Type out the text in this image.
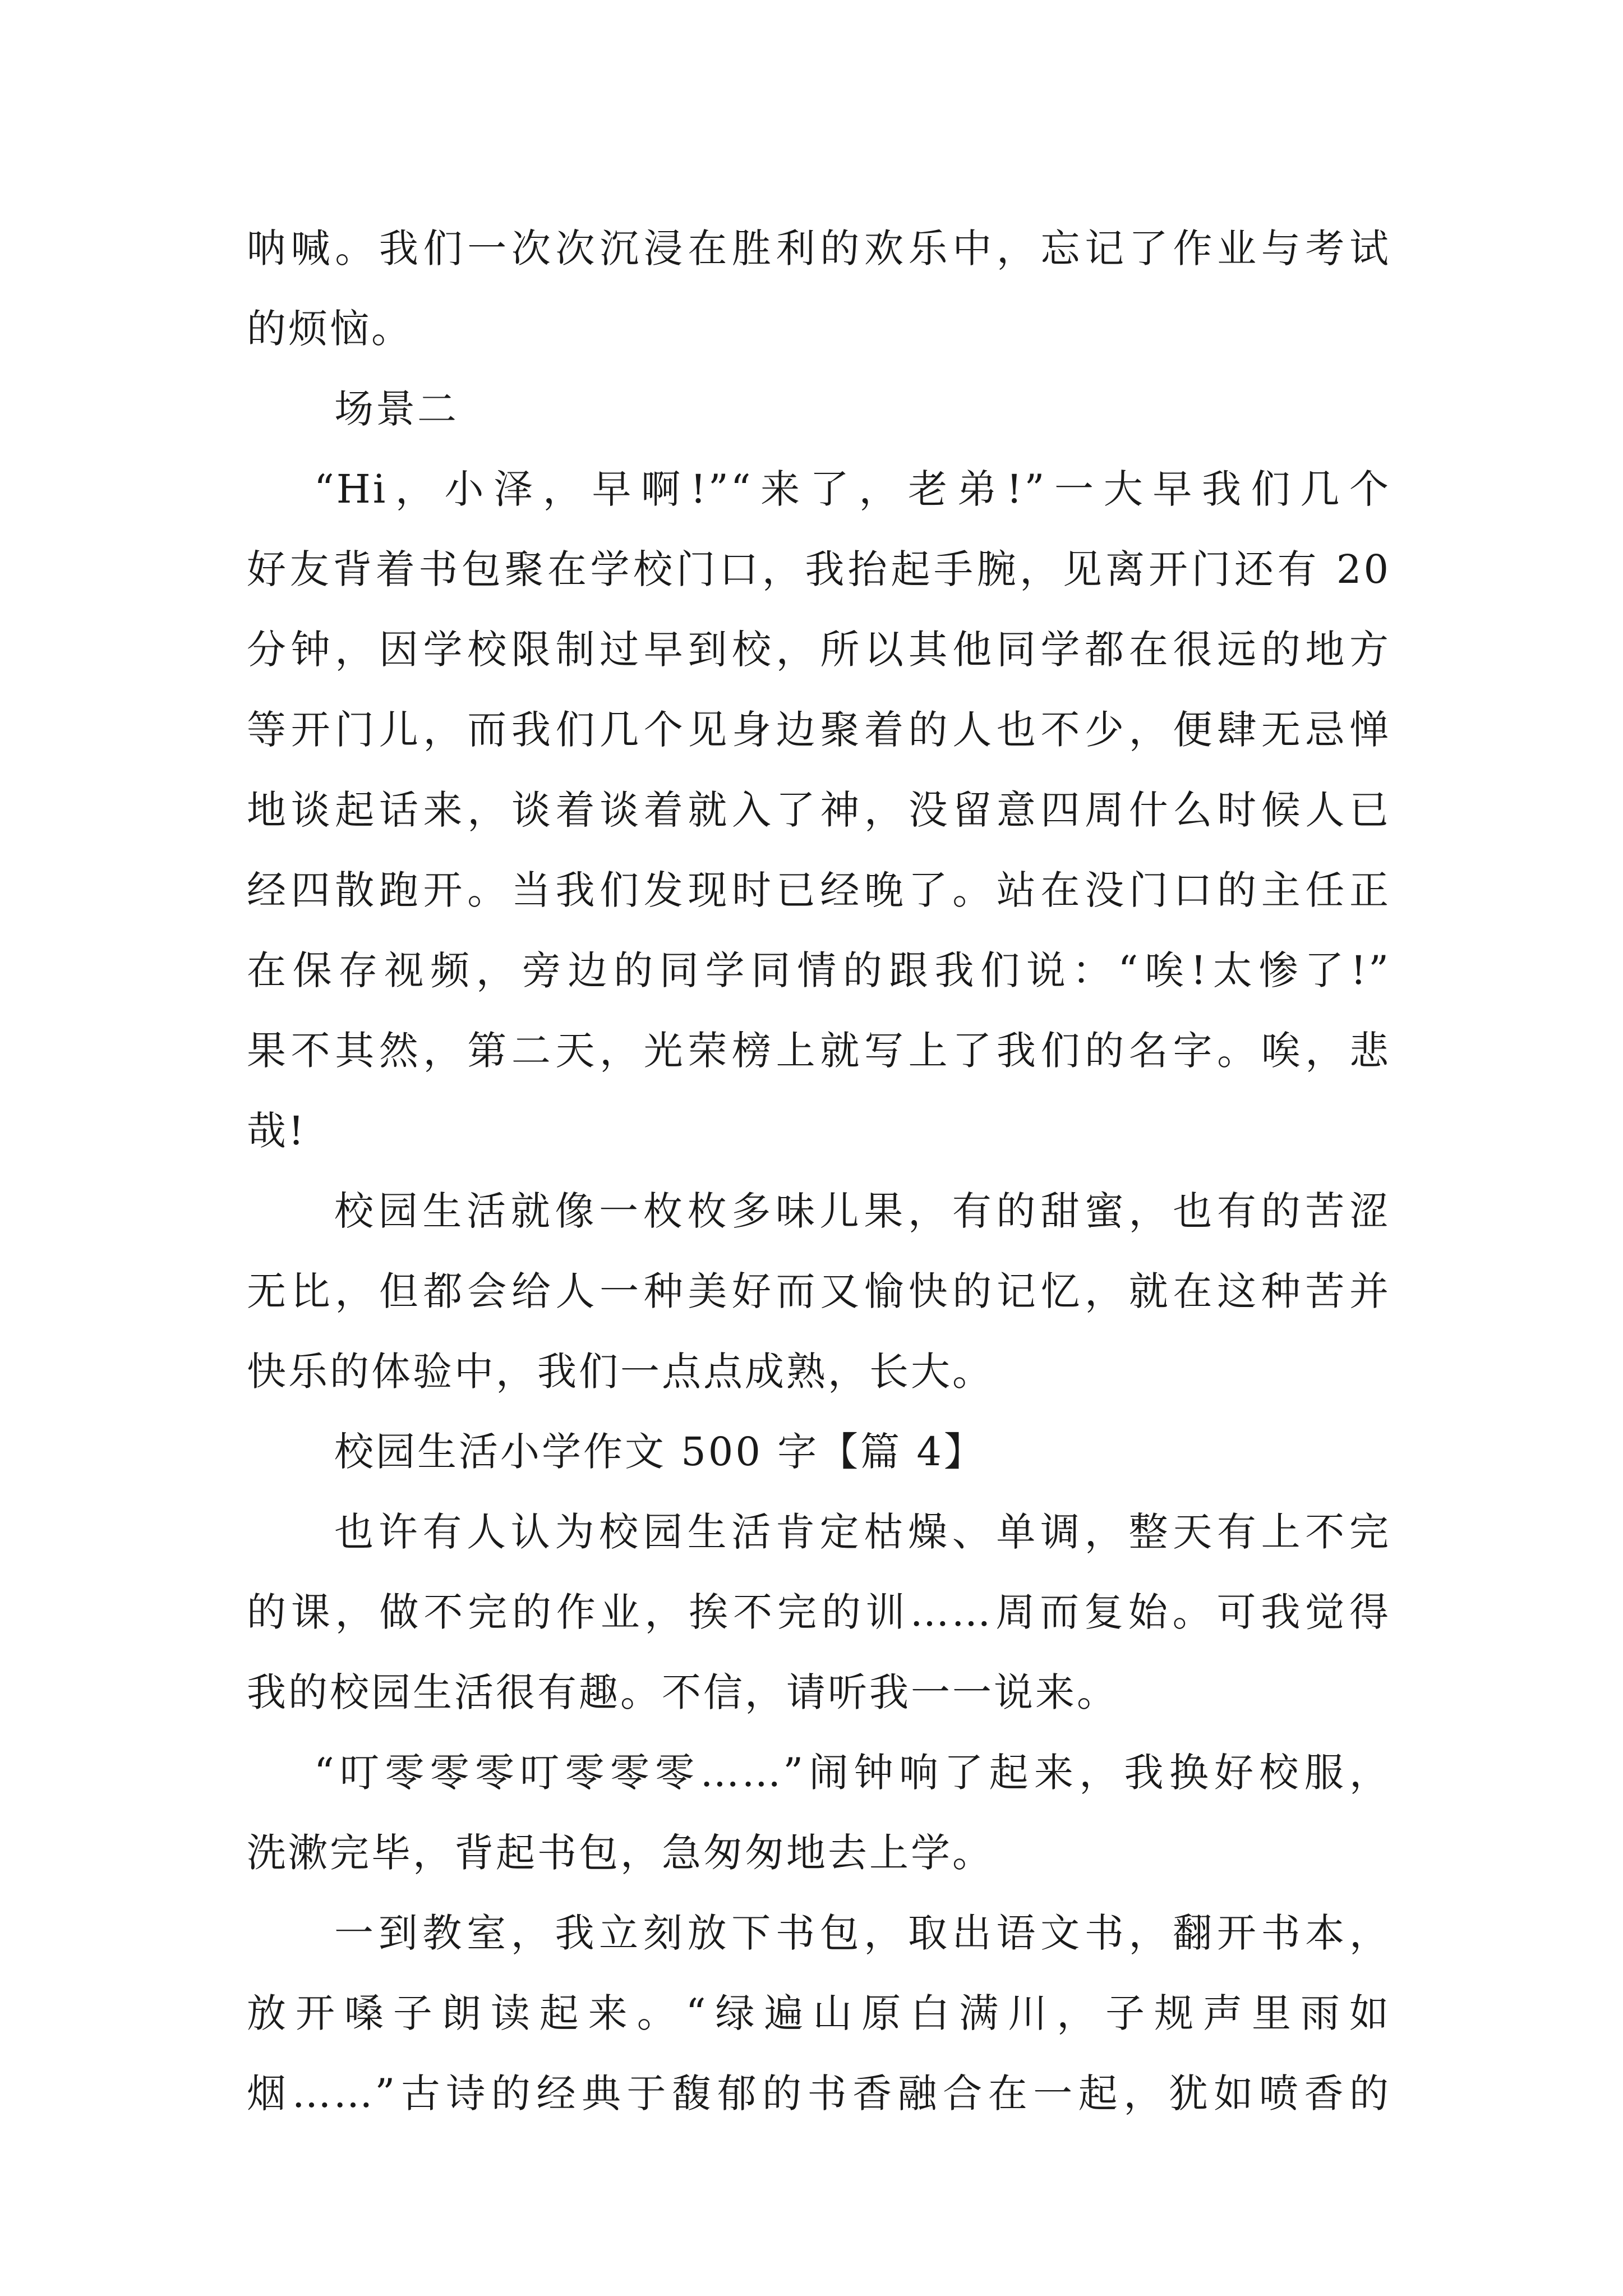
呐喊。我们一次次沉浸在胜利的欢乐中，忘记了作业与考试
的烦恼。
场景二
“Hi，小泽，早啊!”“来了，老弟!”一大早我们几个
好友背着书包聚在学校门口，我抬起手腕，见离开门还有 20
分钟，因学校限制过早到校，所以其他同学都在很远的地方
等开门儿，而我们几个见身边聚着的人也不少，便肆无忌惮
地谈起话来，谈着谈着就入了神，没留意四周什么时候人已
经四散跑开。当我们发现时已经晚了。站在没门口的主任正
在保存视频，旁边的同学同情的跟我们说：“唉!太惨了!”
果不其然，第二天，光荣榜上就写上了我们的名字。唉，悲
哉!
校园生活就像一枚枚多味儿果，有的甜蜜，也有的苦涩
无比，但都会给人一种美好而又愉快的记忆，就在这种苦并
快乐的体验中，我们一点点成熟，长大。
校园生活小学作文 500 字【篇 4】
也许有人认为校园生活肯定枯燥、单调，整天有上不完
的课，做不完的作业，挨不完的训……周而复始。可我觉得
我的校园生活很有趣。不信，请听我一一说来。
“叮零零零叮零零零……”闹钟响了起来，我换好校服，
洗漱完毕，背起书包，急匆匆地去上学。
一到教室，我立刻放下书包，取出语文书，翻开书本，
放开嗓子朗读起来。“绿遍山原白满川，子规声里雨如
烟……”古诗的经典于馥郁的书香融合在一起，犹如喷香的
